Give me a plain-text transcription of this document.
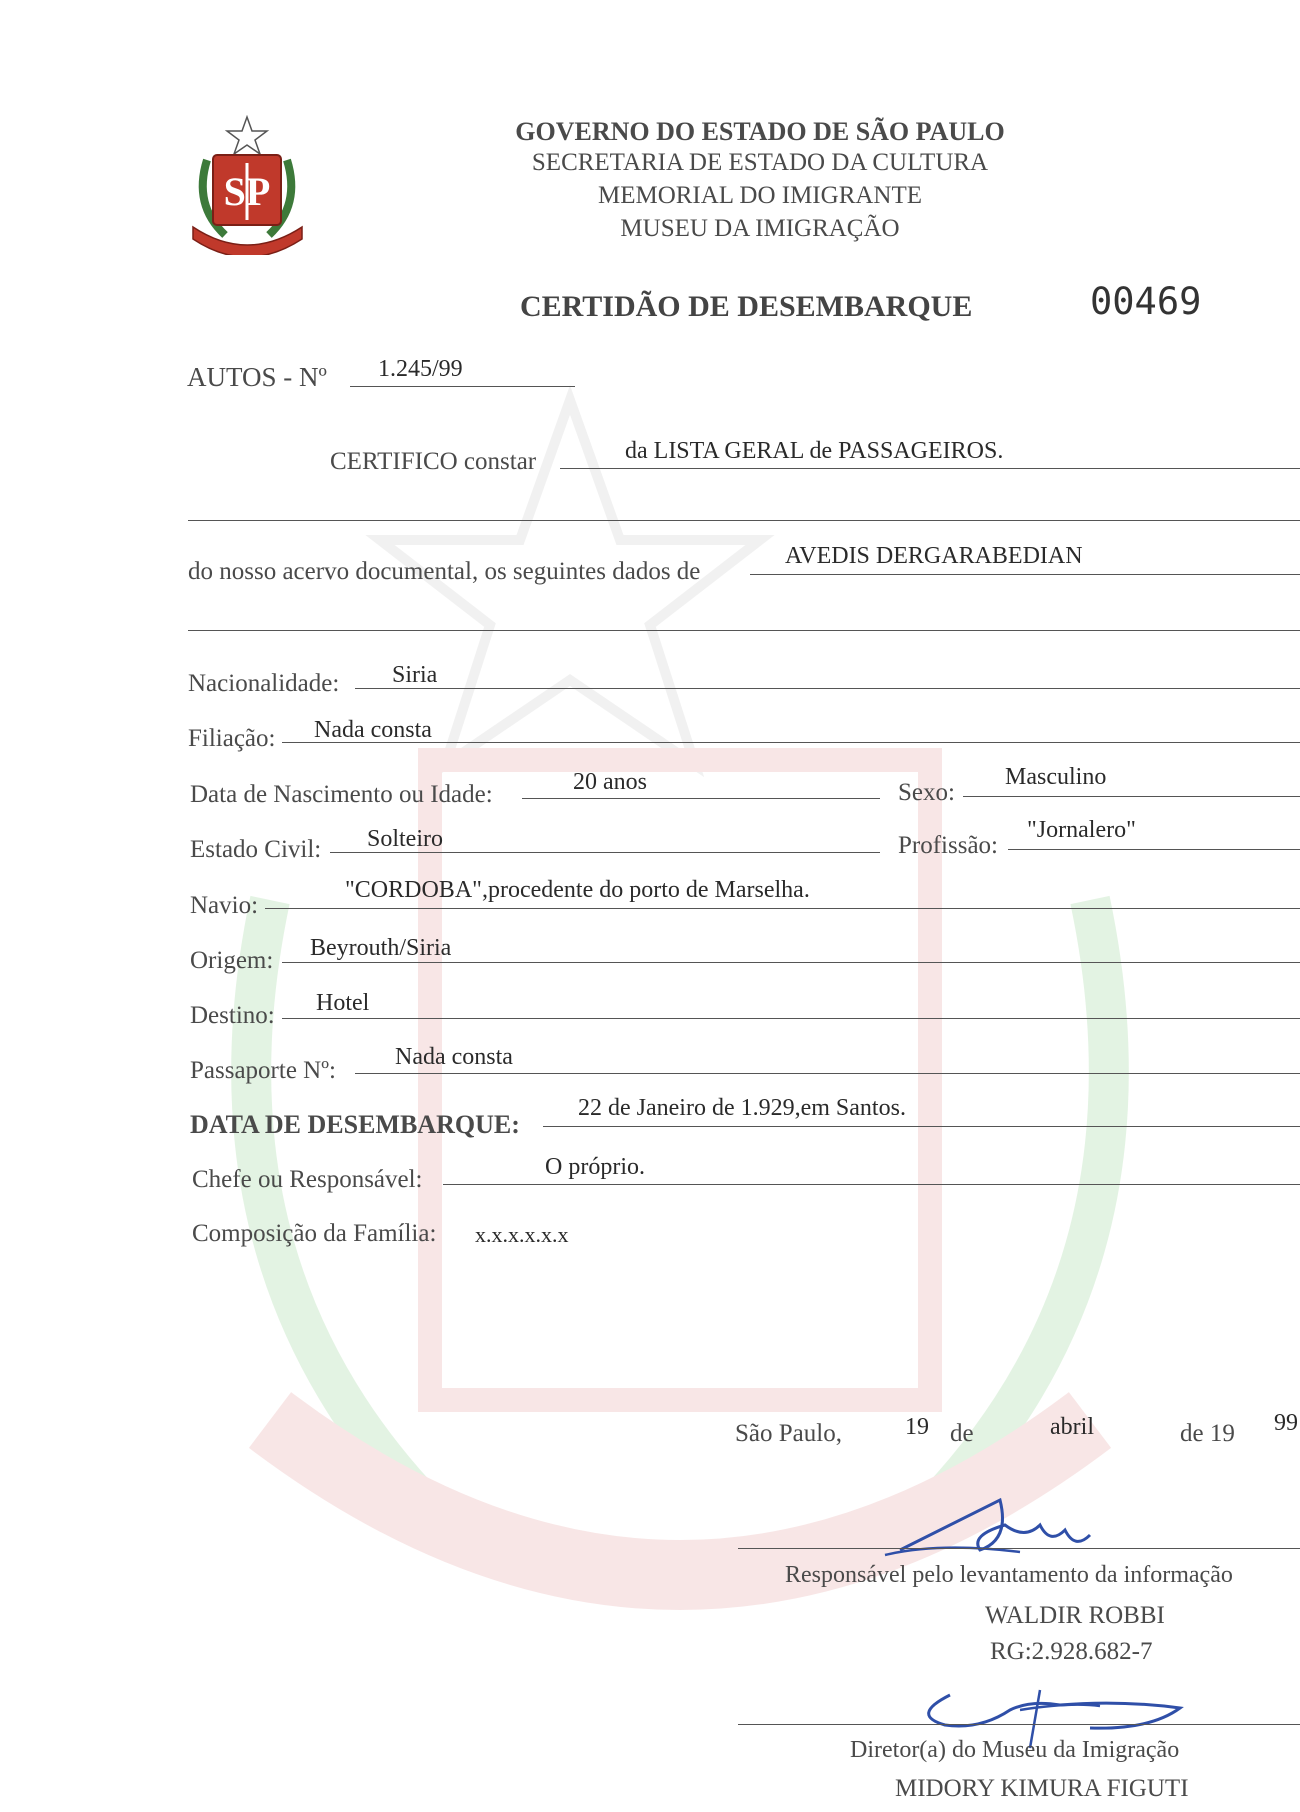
SP
GOVERNO DO ESTADO DE SÃO PAULO
SECRETARIA DE ESTADO DA CULTURA
MEMORIAL DO IMIGRANTE
MUSEU DA IMIGRAÇÃO
CERTIDÃO DE DESEMBARQUE	00469
AUTOS - Nº 1.245/99
CERTIFICO constar	da LISTA GERAL de PASSAGEIROS.
do nosso acervo documental, os seguintes dados de
AVEDIS DERGARABEDIAN
Nacionalidade: Siria
Filiação: Nada consta
Data de Nascimento ou Idade:	20 anos	Sexo:
Masculino
Estado Civil: Solteiro	Profissão:
"Jornalero"
Navio:
"CORDOBA",procedente do porto de Marselha.
Origem: Beyrouth/Siria
Destino: Hotel
Passaporte Nº: Nada consta
DATA DE DESEMBARQUE:
22 de Janeiro de 1.929,em Santos.
Chefe ou Responsável:	O próprio.
Composição da Família: x.x.x.x.x.x
São Paulo,	19 de	abril	de 19 99
Responsável pelo levantamento da informação
WALDIR ROBBI
RG:2.928.682-7
Diretor(a) do Museu da Imigração
MIDORY KIMURA FIGUTI
